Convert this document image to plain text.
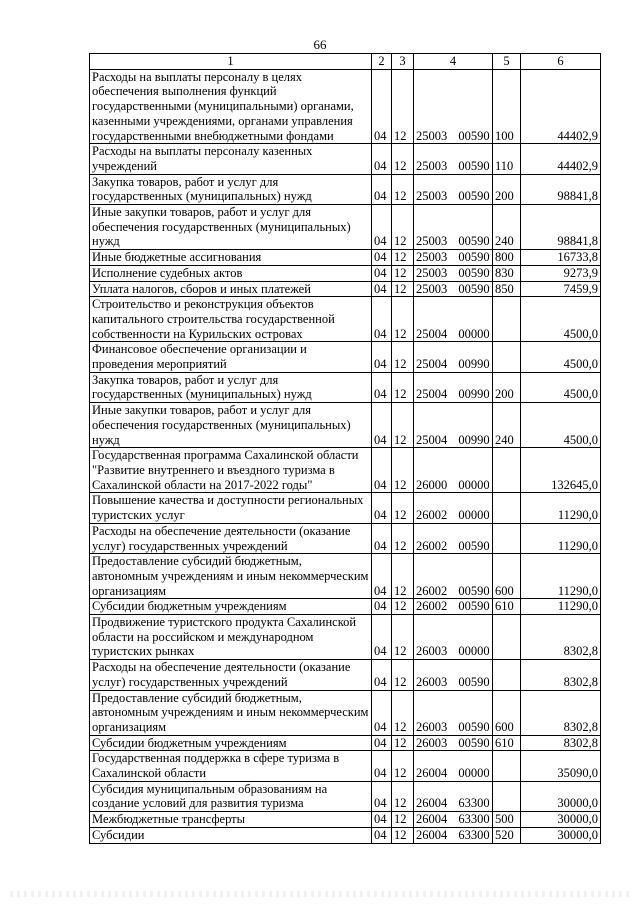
66
1	2	3	4	5	6
Расходы на выплаты персоналу в целях обеспечения выполнения функций государственными (муниципальными) органами, казенными учреждениями, органами управления государственными внебюджетными фондами	04	12	25003 00590	100	44402,9
Расходы на выплаты персоналу казенных учреждений	04	12	25003 00590	110	44402,9
Закупка товаров, работ и услуг для государственных (муниципальных) нужд	04	12	25003 00590	200	98841,8
Иные закупки товаров, работ и услуг для обеспечения государственных (муниципальных) нужд	04	12	25003 00590	240	98841,8
Иные бюджетные ассигнования	04	12	25003 00590	800	16733,8
Исполнение судебных актов	04	12	25003 00590	830	9273,9
Уплата налогов, сборов и иных платежей	04	12	25003 00590	850	7459,9
Строительство и реконструкция объектов капитального строительства государственной собственности на Курильских островах	04	12	25004 00000		4500,0
Финансовое обеспечение организации и проведения мероприятий	04	12	25004 00990		4500,0
Закупка товаров, работ и услуг для государственных (муниципальных) нужд	04	12	25004 00990	200	4500,0
Иные закупки товаров, работ и услуг для обеспечения государственных (муниципальных) нужд	04	12	25004 00990	240	4500,0
Государственная программа Сахалинской области "Развитие внутреннего и въездного туризма в Сахалинской области на 2017-2022 годы"	04	12	26000 00000		132645,0
Повышение качества и доступности региональных туристских услуг	04	12	26002 00000		11290,0
Расходы на обеспечение деятельности (оказание услуг) государственных учреждений	04	12	26002 00590		11290,0
Предоставление субсидий бюджетным, автономным учреждениям и иным некоммерческим организациям	04	12	26002 00590	600	11290,0
Субсидии бюджетным учреждениям	04	12	26002 00590	610	11290,0
Продвижение туристского продукта Сахалинской области на российском и международном туристских рынках	04	12	26003 00000		8302,8
Расходы на обеспечение деятельности (оказание услуг) государственных учреждений	04	12	26003 00590		8302,8
Предоставление субсидий бюджетным, автономным учреждениям и иным некоммерческим организациям	04	12	26003 00590	600	8302,8
Субсидии бюджетным учреждениям	04	12	26003 00590	610	8302,8
Государственная поддержка в сфере туризма в Сахалинской области	04	12	26004 00000		35090,0
Субсидия муниципальным образованиям на создание условий для развития туризма	04	12	26004 63300		30000,0
Межбюджетные трансферты	04	12	26004 63300	500	30000,0
Субсидии	04	12	26004 63300	520	30000,0
